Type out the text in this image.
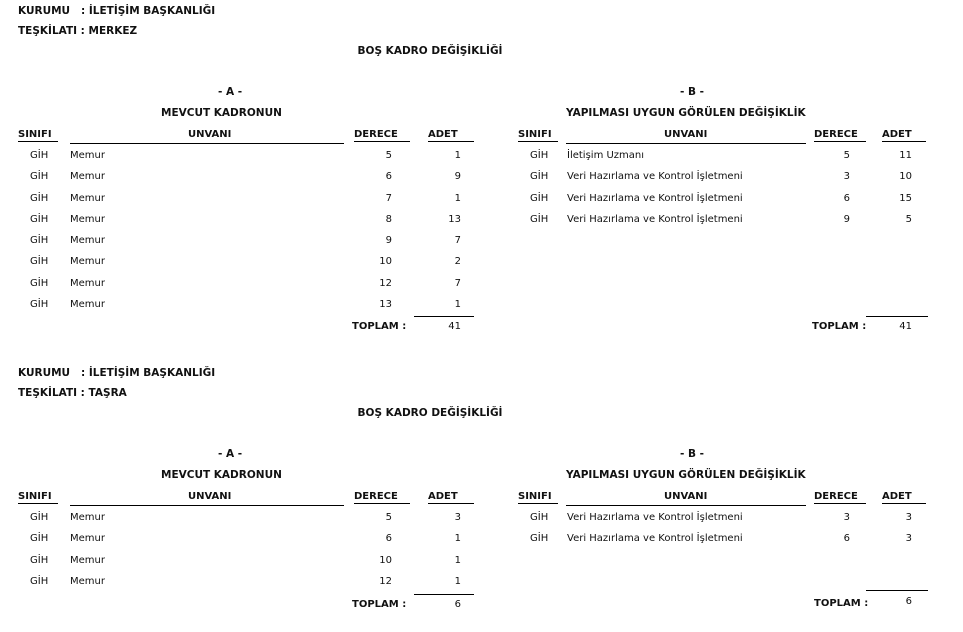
KURUMU   : İLETİŞİM BAŞKANLIĞI
TEŞKİLATI : MERKEZ
BOŞ KADRO DEĞİŞİKLİĞİ
- A -
MEVCUT KADRONUN
SINIFI	UNVANI	DERECE	ADET
GİH Memur	5	1
GİH Memur	6	9
GİH Memur	7	1
GİH Memur	8	13
GİH Memur	9	7
GİH Memur	10	2
GİH Memur	12	7
GİH Memur	13	1
TOPLAM :	41
- B -
YAPILMASI UYGUN GÖRÜLEN DEĞİŞİKLİK
SINIFI	UNVANI	DERECE	ADET
GİH İletişim Uzmanı	5	11
GİH Veri Hazırlama ve Kontrol İşletmeni	3	10
GİH Veri Hazırlama ve Kontrol İşletmeni	6	15
GİH Veri Hazırlama ve Kontrol İşletmeni	9	5
TOPLAM :	41
KURUMU   : İLETİŞİM BAŞKANLIĞI
TEŞKİLATI : TAŞRA
BOŞ KADRO DEĞİŞİKLİĞİ
- A -
MEVCUT KADRONUN
SINIFI	UNVANI	DERECE	ADET
GİH Memur	5	3
GİH Memur	6	1
GİH Memur	10	1
GİH Memur	12	1
TOPLAM :	6
- B -
YAPILMASI UYGUN GÖRÜLEN DEĞİŞİKLİK
SINIFI	UNVANI	DERECE	ADET
GİH Veri Hazırlama ve Kontrol İşletmeni	3	3
GİH Veri Hazırlama ve Kontrol İşletmeni	6	3
TOPLAM :	6
